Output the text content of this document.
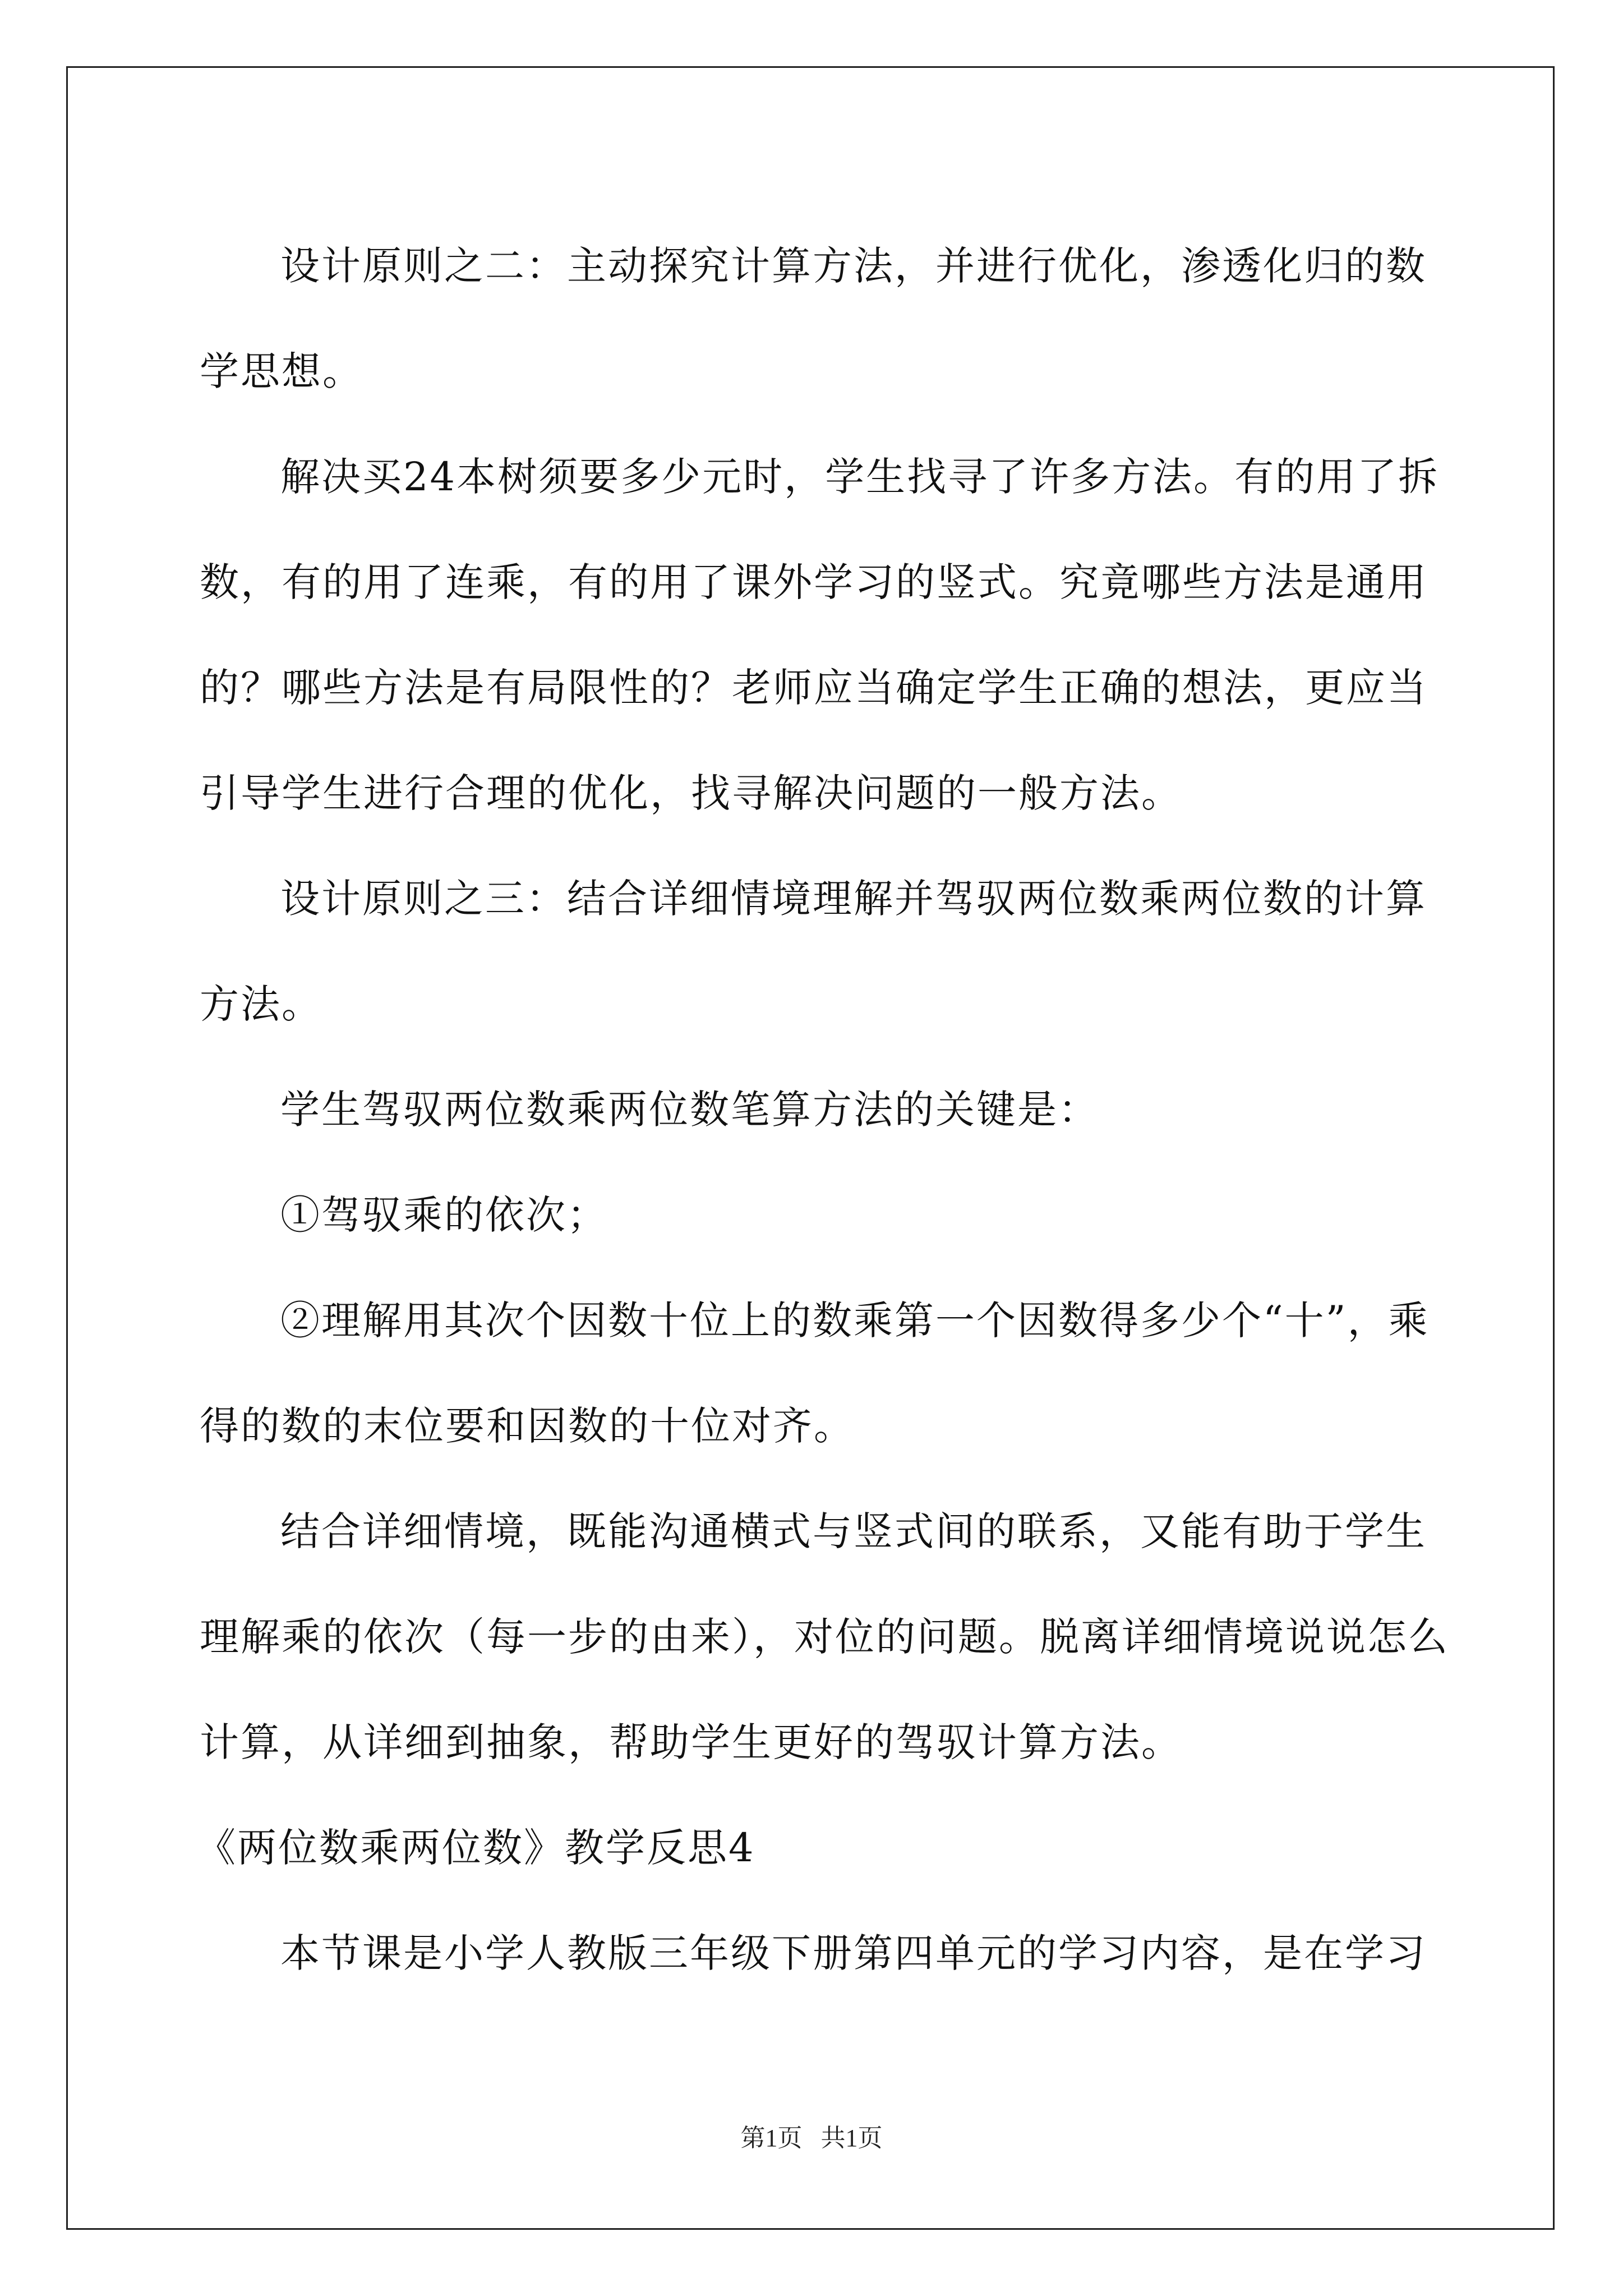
设计原则之二：主动探究计算方法，并进行优化，渗透化归的数
学思想。
解决买24本树须要多少元时，学生找寻了许多方法。有的用了拆
数，有的用了连乘，有的用了课外学习的竖式。究竟哪些方法是通用
的？哪些方法是有局限性的？老师应当确定学生正确的想法，更应当
引导学生进行合理的优化，找寻解决问题的一般方法。
设计原则之三：结合详细情境理解并驾驭两位数乘两位数的计算
方法。
学生驾驭两位数乘两位数笔算方法的关键是：
①驾驭乘的依次；
②理解用其次个因数十位上的数乘第一个因数得多少个“十”，乘
得的数的末位要和因数的十位对齐。
结合详细情境，既能沟通横式与竖式间的联系，又能有助于学生
理解乘的依次（每一步的由来），对位的问题。脱离详细情境说说怎么
计算，从详细到抽象，帮助学生更好的驾驭计算方法。
《两位数乘两位数》教学反思4
本节课是小学人教版三年级下册第四单元的学习内容，是在学习
第1页   共1页
